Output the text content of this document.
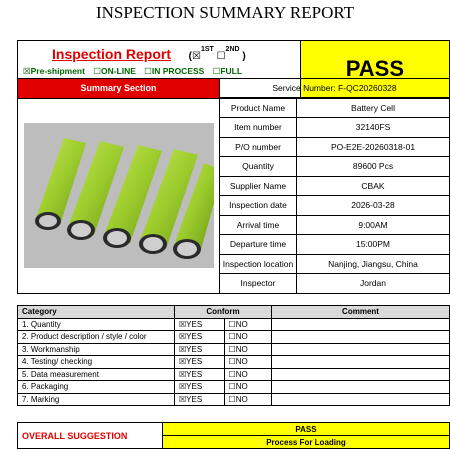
INSPECTION SUMMARY REPORT
Inspection Report (☒$^{1ST}$ ☐$^{2ND}$ )
☒Pre-shipment ☐ON-LINE ☐IN PROCESS ☐FULL	PASS
Summary Section	Service Number: F-QC20260328	

	Product Name	Battery Cell
	Item number	32140FS
	P/O number	PO-E2E-20260318-01
	Quantity	89600 Pcs
	Supplier Name	CBAK
	Inspection date	2026-03-28
	Arrival time	9:00AM
	Departure time	15:00PM
	Inspection location	Nanjing, Jiangsu, China
	Inspector	Jordan
Category	Conform		Comment
1. Quantity	☒YES	☐NO	
2. Product description / style / color	☒YES	☐NO	
3. Workmanship	☒YES	☐NO	
4. Testing/ checking	☒YES	☐NO	
5. Data measurement	☒YES	☐NO	
6. Packaging	☒YES	☐NO	
7. Marking	☒YES	☐NO	
OVERALL SUGGESTION	PASS
Process For Loading
